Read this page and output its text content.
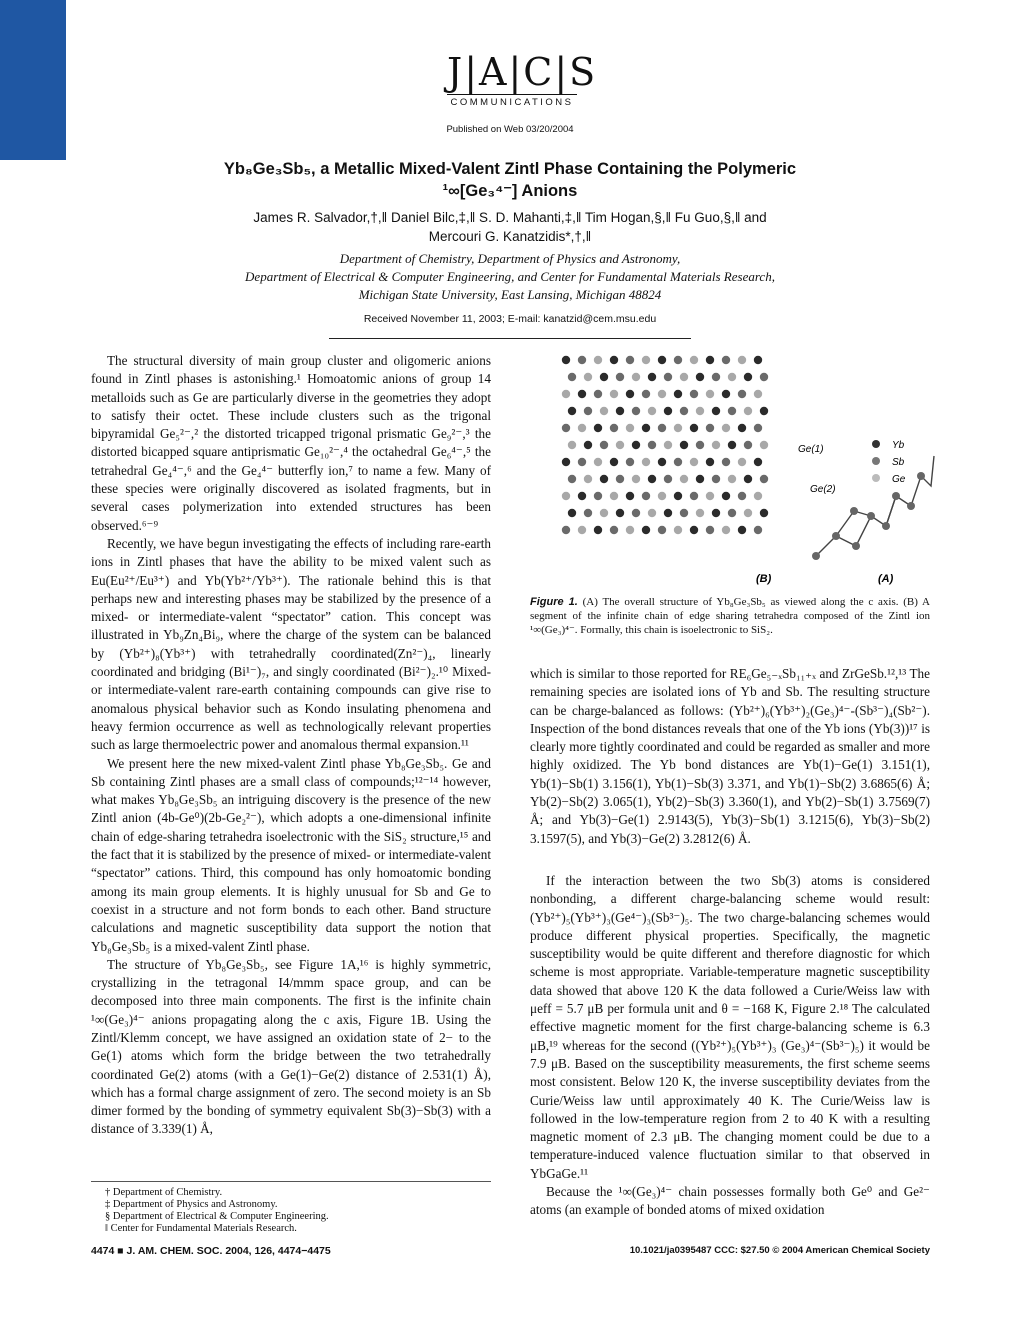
J|A|C|S
COMMUNICATIONS
Published on Web 03/20/2004
Yb₈Ge₃Sb₅, a Metallic Mixed-Valent Zintl Phase Containing the Polymeric
¹∞[Ge₃⁴⁻] Anions
James R. Salvador,†,‖ Daniel Bilc,‡,‖ S. D. Mahanti,‡,‖ Tim Hogan,§,‖ Fu Guo,§,‖ and
Mercouri G. Kanatzidis*,†,‖
Department of Chemistry, Department of Physics and Astronomy,
Department of Electrical & Computer Engineering, and Center for Fundamental Materials Research,
Michigan State University, East Lansing, Michigan 48824
Received November 11, 2003; E-mail: kanatzid@cem.msu.edu

The structural diversity of main group cluster and oligomeric anions found in Zintl phases is astonishing.¹ Homoatomic anions of group 14 metalloids such as Ge are particularly diverse in the geometries they adopt to satisfy their octet. These include clusters such as the trigonal bipyramidal Ge₅²⁻,² the distorted tricapped trigonal prismatic Ge₉²⁻,³ the distorted bicapped square antiprismatic Ge₁₀²⁻,⁴ the octahedral Ge₆⁴⁻,⁵ the tetrahedral Ge₄⁴⁻,⁶ and the Ge₄⁴⁻ butterfly ion,⁷ to name a few. Many of these species were originally discovered as isolated fragments, but in several cases polymerization into extended structures has been observed.⁶⁻⁹

Recently, we have begun investigating the effects of including rare-earth ions in Zintl phases that have the ability to be mixed valent such as Eu(Eu²⁺/Eu³⁺) and Yb(Yb²⁺/Yb³⁺). The rationale behind this is that perhaps new and interesting phases may be stabilized by the presence of a mixed- or intermediate-valent “spectator” cation. This concept was illustrated in Yb₉Zn₄Bi₉, where the charge of the system can be balanced by (Yb²⁺)₈(Yb³⁺) with tetrahedrally coordinated(Zn²⁻)₄, linearly coordinated and bridging (Bi¹⁻)₇, and singly coordinated (Bi²⁻)₂.¹⁰ Mixed- or intermediate-valent rare-earth containing compounds can give rise to anomalous physical behavior such as Kondo insulating phenomena and heavy fermion occurrence as well as technologically relevant properties such as large thermoelectric power and anomalous thermal expansion.¹¹

We present here the new mixed-valent Zintl phase Yb₈Ge₃Sb₅. Ge and Sb containing Zintl phases are a small class of compounds;¹²⁻¹⁴ however, what makes Yb₈Ge₃Sb₅ an intriguing discovery is the presence of the new Zintl anion (4b-Ge⁰)(2b-Ge₂²⁻), which adopts a one-dimensional infinite chain of edge-sharing tetrahedra isoelectronic with the SiS₂ structure,¹⁵ and the fact that it is stabilized by the presence of mixed- or intermediate-valent “spectator” cations. Third, this compound has only homoatomic bonding among its main group elements. It is highly unusual for Sb and Ge to coexist in a structure and not form bonds to each other. Band structure calculations and magnetic susceptibility data support the notion that Yb₈Ge₃Sb₅ is a mixed-valent Zintl phase.

The structure of Yb₈Ge₃Sb₅, see Figure 1A,¹⁶ is highly symmetric, crystallizing in the tetragonal I4/mmm space group, and can be decomposed into three main components. The first is the infinite chain ¹∞(Ge₃)⁴⁻ anions propagating along the c axis, Figure 1B. Using the Zintl/Klemm concept, we have assigned an oxidation state of 2− to the Ge(1) atoms which form the bridge between the two tetrahedrally coordinated Ge(2) atoms (with a Ge(1)−Ge(2) distance of 2.531(1) Å), which has a formal charge assignment of zero. The second moiety is an Sb dimer formed by the bonding of symmetry equivalent Sb(3)−Sb(3) with a distance of 3.339(1) Å,

Yb
Sb
Ge
Ge(1)
Ge(2)
(B)	(A)
Figure 1. (A) The overall structure of Yb₈Ge₃Sb₅ as viewed along the c axis. (B) A segment of the infinite chain of edge sharing tetrahedra composed of the Zintl ion ¹∞(Ge₃)⁴⁻. Formally, this chain is isoelectronic to SiS₂.
which is similar to those reported for RE₆Ge₅₋ₓSb₁₁₊ₓ and ZrGeSb.¹²,¹³ The remaining species are isolated ions of Yb and Sb. The resulting structure can be charge-balanced as follows: (Yb²⁺)₆(Yb³⁺)₂(Ge₃)⁴⁻-(Sb³⁻)₄(Sb²⁻). Inspection of the bond distances reveals that one of the Yb ions (Yb(3))¹⁷ is clearly more tightly coordinated and could be regarded as smaller and more highly oxidized. The Yb bond distances are Yb(1)−Ge(1) 3.151(1), Yb(1)−Sb(1) 3.156(1), Yb(1)−Sb(3) 3.371, and Yb(1)−Sb(2) 3.6865(6) Å; Yb(2)−Sb(2) 3.065(1), Yb(2)−Sb(3) 3.360(1), and Yb(2)−Sb(1) 3.7569(7) Å; and Yb(3)−Ge(1) 2.9143(5), Yb(3)−Sb(1) 3.1215(6), Yb(3)−Sb(2) 3.1597(5), and Yb(3)−Ge(2) 3.2812(6) Å.

If the interaction between the two Sb(3) atoms is considered nonbonding, a different charge-balancing scheme would result: (Yb²⁺)₅(Yb³⁺)₃(Ge⁴⁻)₃(Sb³⁻)₅. The two charge-balancing schemes would produce different physical properties. Specifically, the magnetic susceptibility would be quite different and therefore diagnostic for which scheme is most appropriate. Variable-temperature magnetic susceptibility data showed that above 120 K the data followed a Curie/Weiss law with μeff = 5.7 μB per formula unit and θ = −168 K, Figure 2.¹⁸ The calculated effective magnetic moment for the first charge-balancing scheme is 6.3 μB,¹⁹ whereas for the second ((Yb²⁺)₅(Yb³⁺)₃ (Ge₃)⁴⁻(Sb³⁻)₅) it would be 7.9 μB. Based on the susceptibility measurements, the first scheme seems most consistent. Below 120 K, the inverse susceptibility deviates from the Curie/Weiss law until approximately 40 K. The Curie/Weiss law is followed in the low-temperature region from 2 to 40 K with a resulting magnetic moment of 2.3 μB. The changing moment could be due to a temperature-induced valence fluctuation similar to that observed in YbGaGe.¹¹

Because the ¹∞(Ge₃)⁴⁻ chain possesses formally both Ge⁰ and Ge²⁻ atoms (an example of bonded atoms of mixed oxidation

† Department of Chemistry.
‡ Department of Physics and Astronomy.
§ Department of Electrical & Computer Engineering.
‖ Center for Fundamental Materials Research.
4474 ■ J. AM. CHEM. SOC. 2004, 126, 4474−4475	10.1021/ja0395487 CCC: $27.50 © 2004 American Chemical Society
